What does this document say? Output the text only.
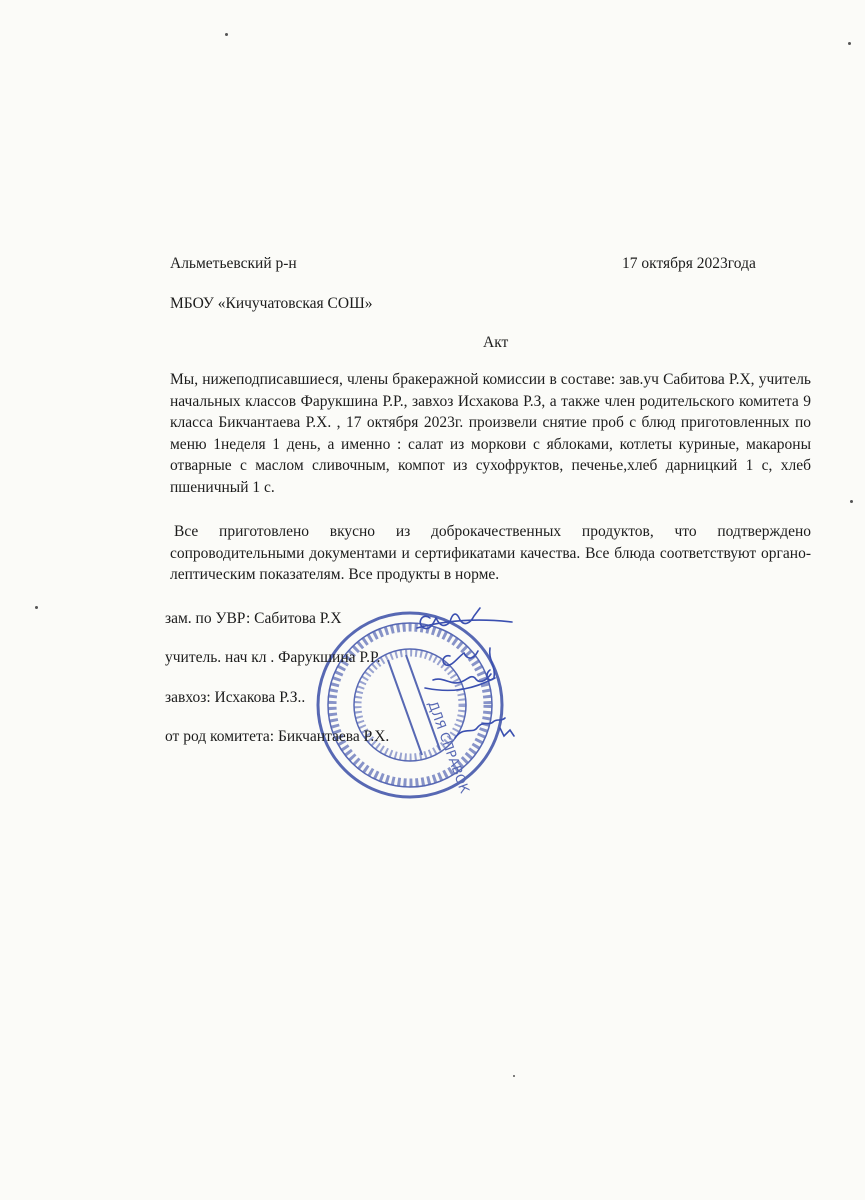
Альметьевский р-н	17 октября 2023года
МБОУ «Кичучатовская СОШ»
Акт
Мы, нижеподписавшиеся, члены бракеражной комиссии в составе: зав.уч Сабитова Р.Х, учитель начальных классов Фарукшина Р.Р., завхоз Исхакова Р.З, а также член родительского комитета 9 класса Бикчантаева Р.Х. , 17 октября 2023г. произвели снятие проб с блюд приготовленных по меню 1неделя 1 день, а именно : салат из моркови с яблоками, котлеты куриные, макароны отварные с маслом сливочным, компот из сухофруктов, печенье,хлеб дарницкий 1 с, хлеб пшеничный 1 с.
Все приготовлено вкусно из доброкачественных продуктов, что подтверждено сопроводительными документами и сертификатами качества. Все блюда соответствуют органо-лептическим показателям. Все продукты в норме.
ДЛЯ СПРАВОК
зам. по УВР: Сабитова Р.Х
учитель. нач кл . Фарукшина Р.Р.
завхоз: Исхакова Р.З..
от род комитета: Бикчантаева Р.Х.
